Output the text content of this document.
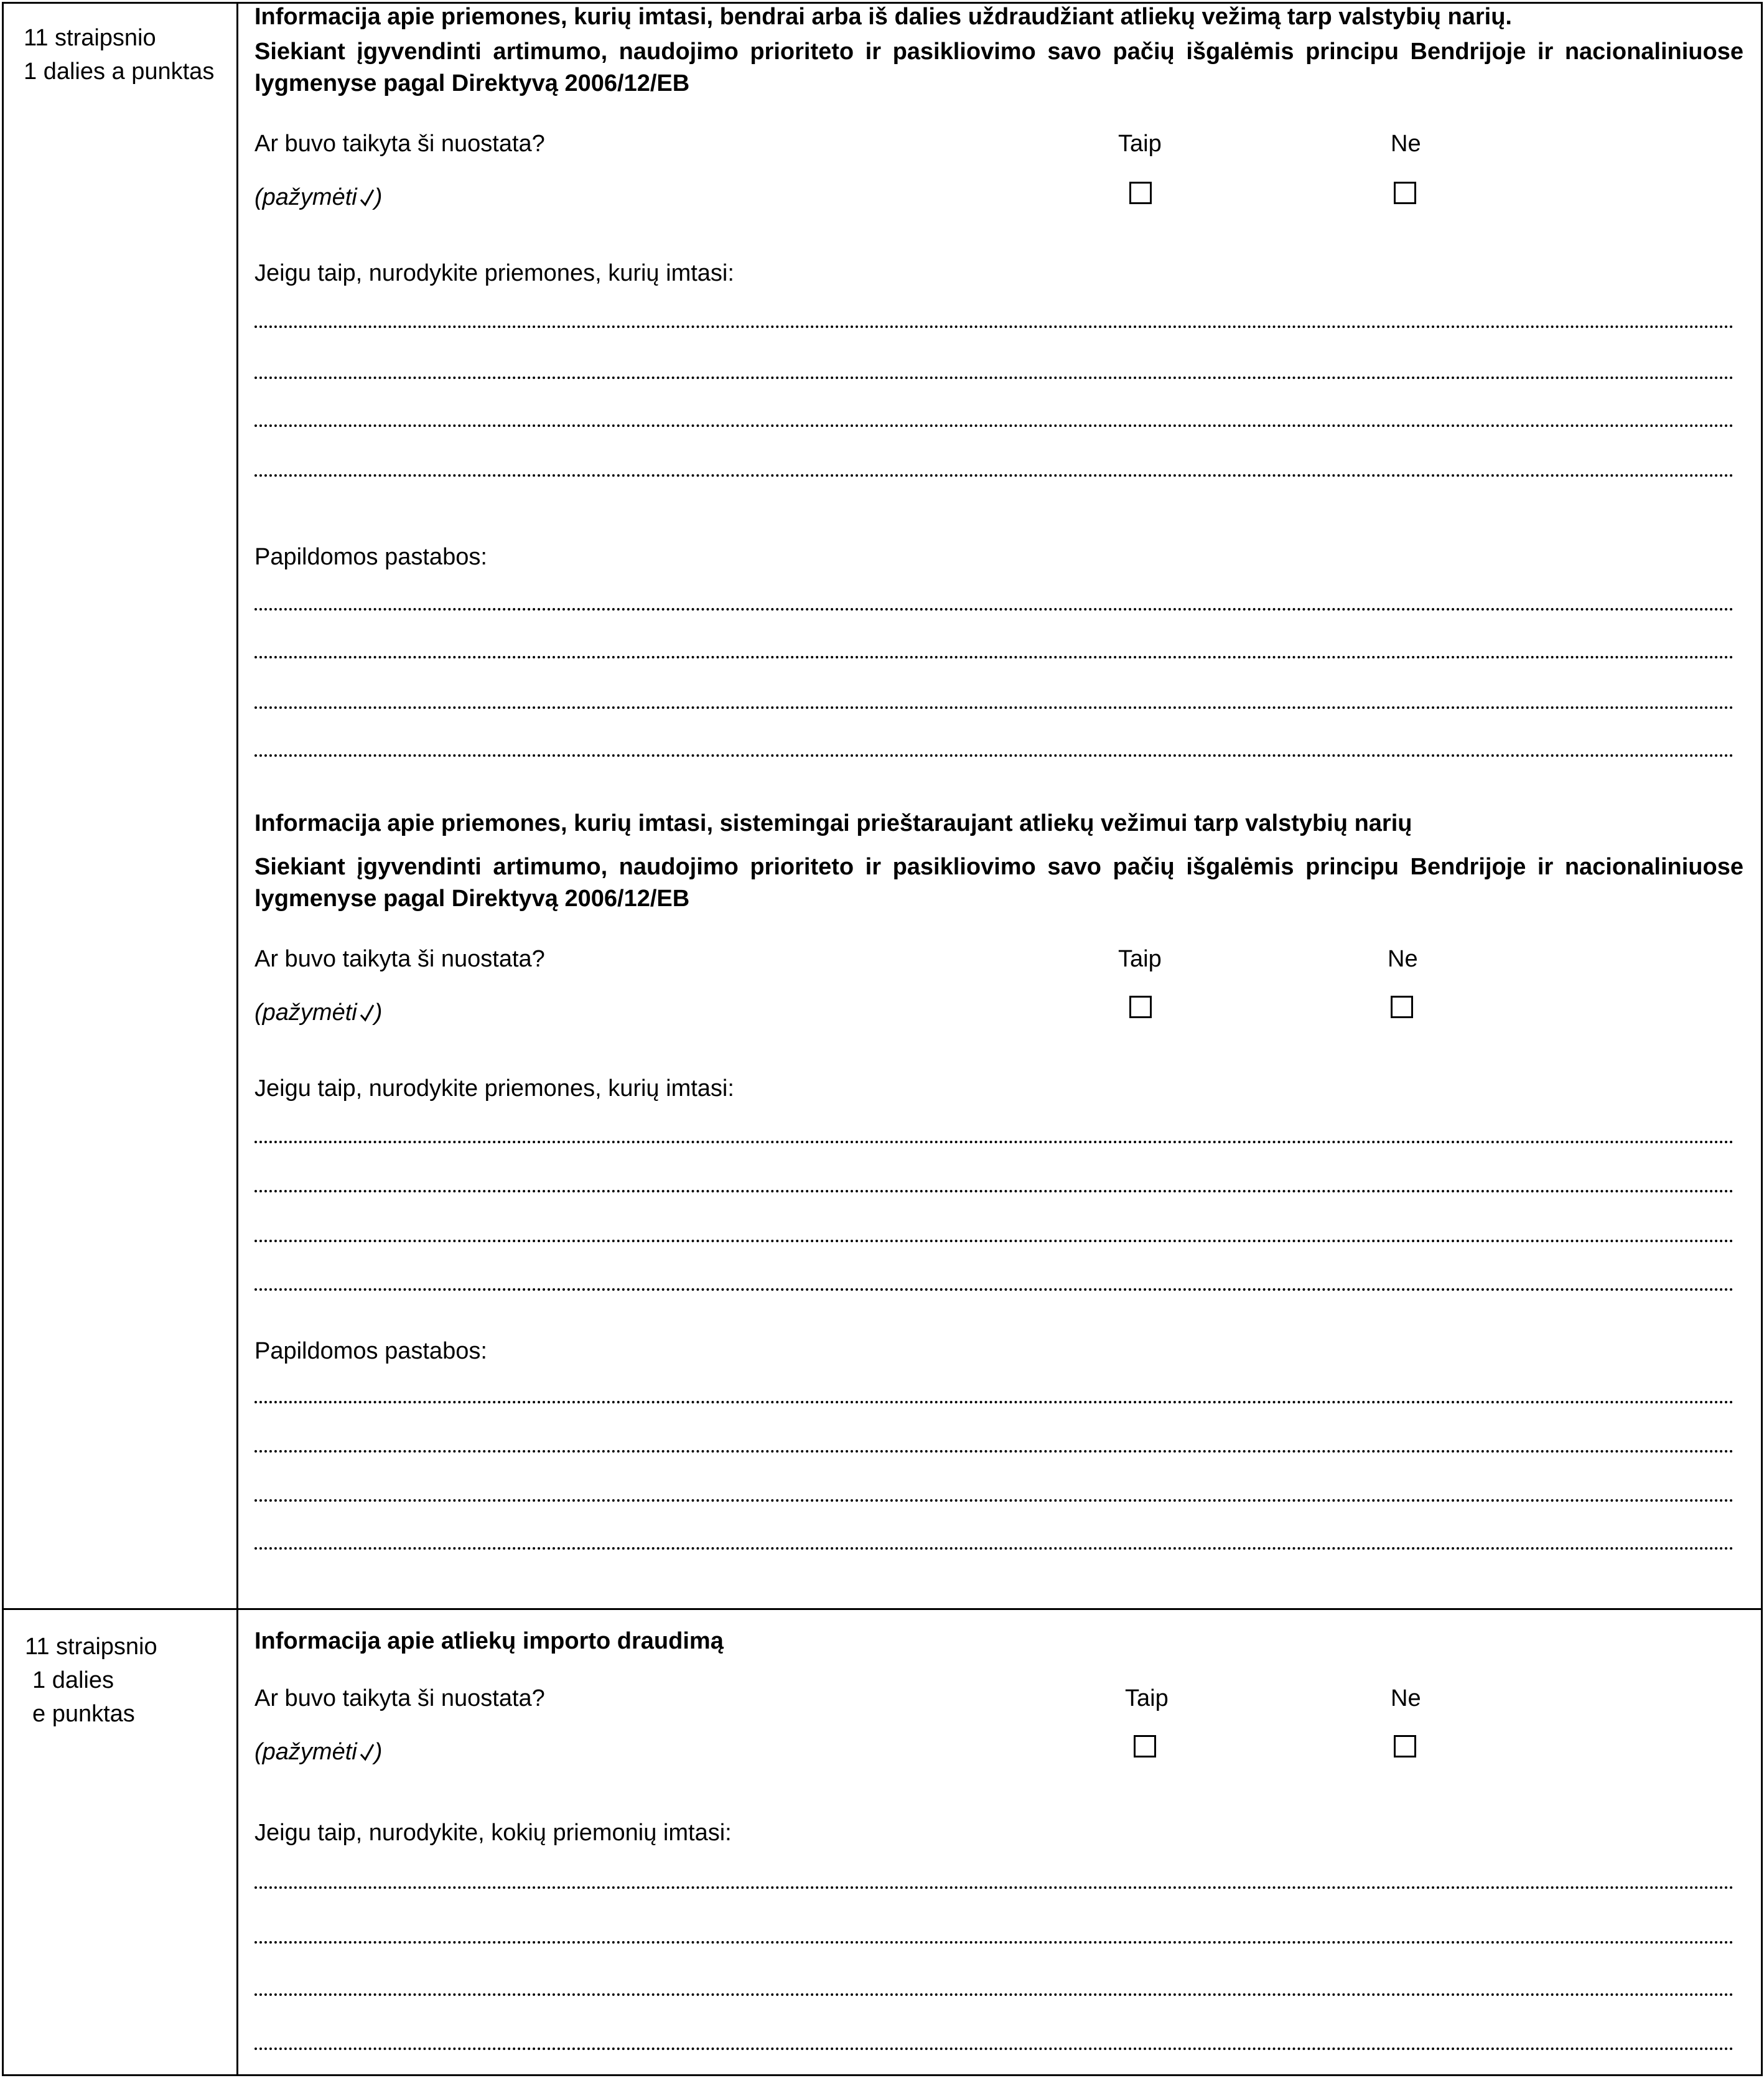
11 straipsnio
1 dalies a punktas
Informacija apie priemones, kurių imtasi, bendrai arba iš dalies uždraudžiant atliekų vežimą tarp valstybių narių.
Siekiant įgyvendinti artimumo, naudojimo prioriteto ir pasikliovimo savo pačių išgalėmis principu Bendrijoje ir nacionaliniuose lygmenyse pagal Direktyvą 2006/12/EB
Ar buvo taikyta ši nuostata?	Taip	Ne
(pažymėti )
Jeigu taip, nurodykite priemones, kurių imtasi:
Papildomos pastabos:
Informacija apie priemones, kurių imtasi, sistemingai prieštaraujant atliekų vežimui tarp valstybių narių
Siekiant įgyvendinti artimumo, naudojimo prioriteto ir pasikliovimo savo pačių išgalėmis principu Bendrijoje ir nacionaliniuose lygmenyse pagal Direktyvą 2006/12/EB
Ar buvo taikyta ši nuostata?	Taip	Ne
(pažymėti )
Jeigu taip, nurodykite priemones, kurių imtasi:
Papildomos pastabos:
11 straipsnio
1 dalies
e punktas
Informacija apie atliekų importo draudimą
Ar buvo taikyta ši nuostata?	Taip	Ne
(pažymėti )
Jeigu taip, nurodykite, kokių priemonių imtasi:
